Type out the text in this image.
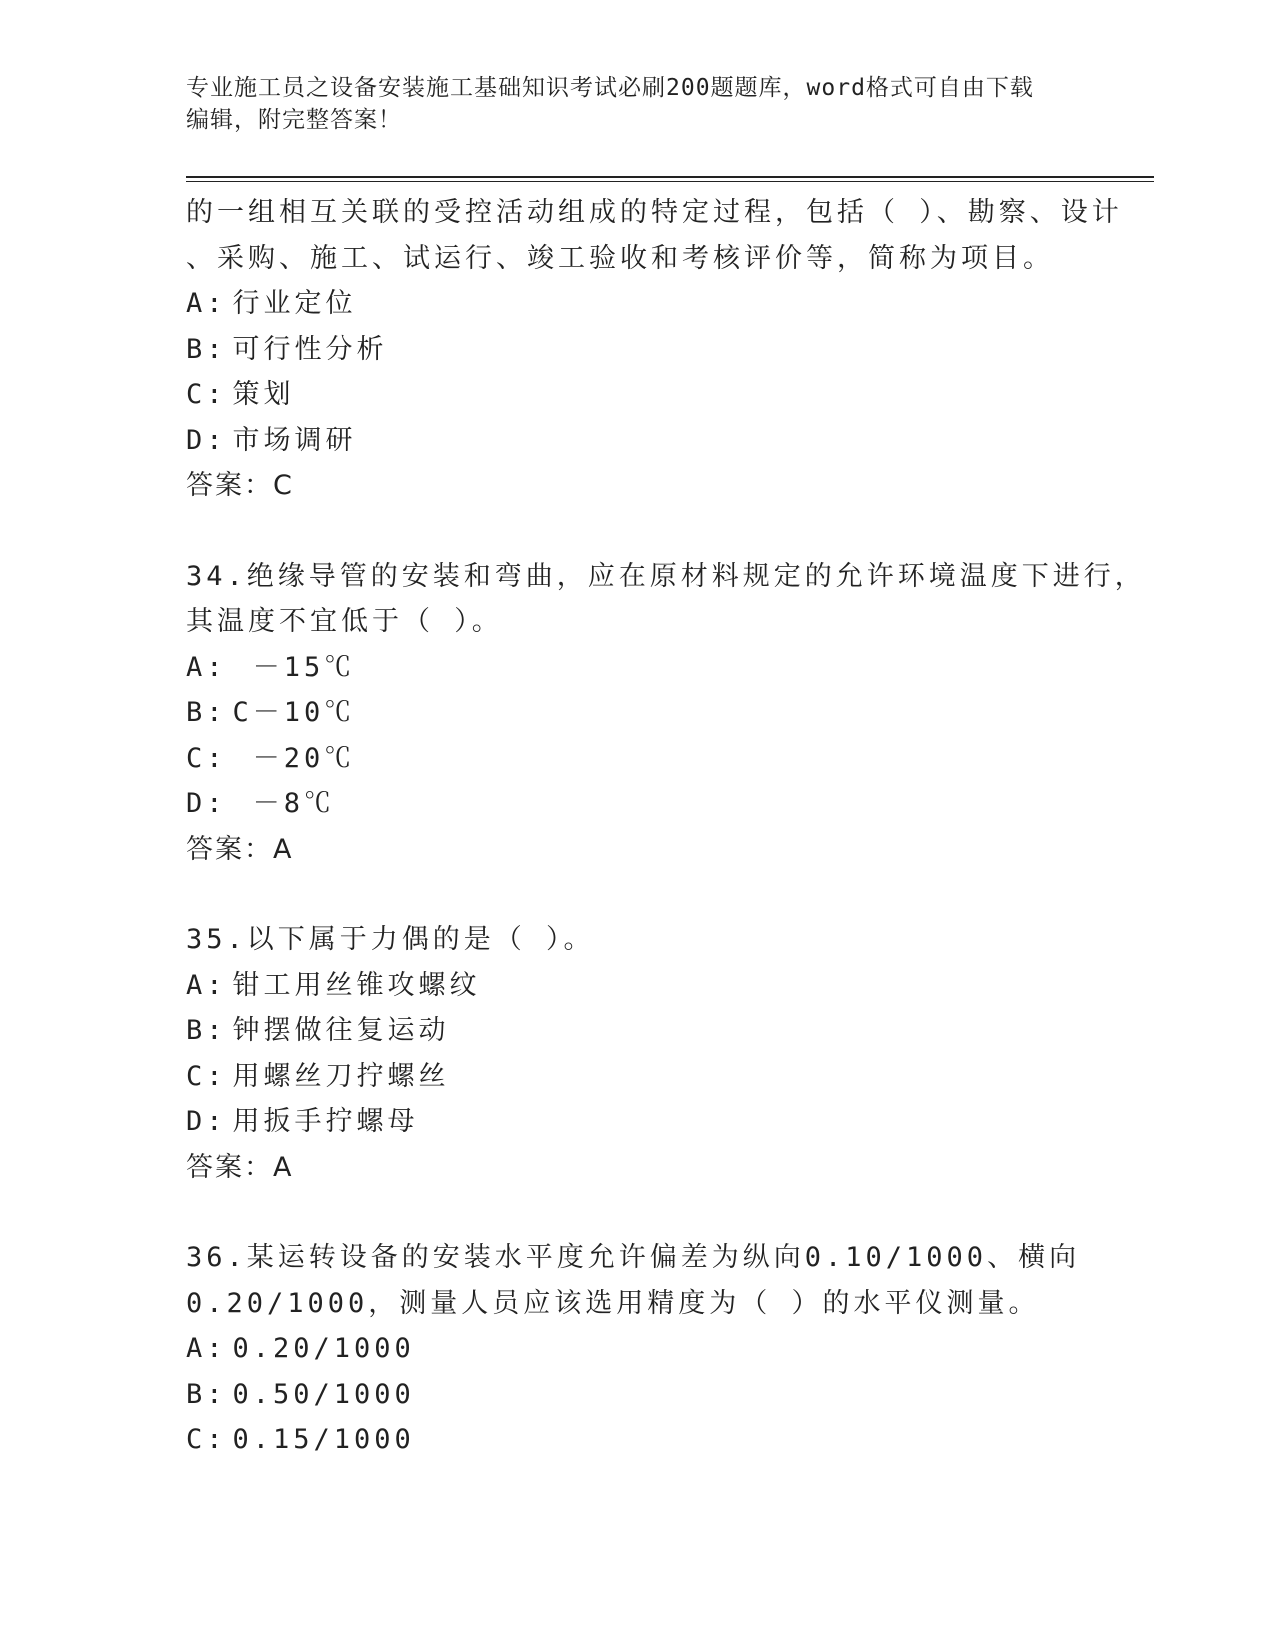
专业施工员之设备安装施工基础知识考试必刷200题题库，word格式可自由下载
编辑，附完整答案！
的一组相互关联的受控活动组成的特定过程，包括（ ）、勘察、设计
、采购、施工、试运行、竣工验收和考核评价等，简称为项目。
A: 行业定位
B: 可行性分析
C: 策划
D: 市场调研
答案：C
34.绝缘导管的安装和弯曲，应在原材料规定的允许环境温度下进行，
其温度不宜低于（ ）。
A: －15℃
B: C－10℃
C: －20℃
D: －8℃
答案：A
35.以下属于力偶的是（ ）。
A: 钳工用丝锥攻螺纹
B: 钟摆做往复运动
C: 用螺丝刀拧螺丝
D: 用扳手拧螺母
答案：A
36.某运转设备的安装水平度允许偏差为纵向0.10/1000、横向
0.20/1000，测量人员应该选用精度为（ ）的水平仪测量。
A: 0.20/1000
B: 0.50/1000
C: 0.15/1000
